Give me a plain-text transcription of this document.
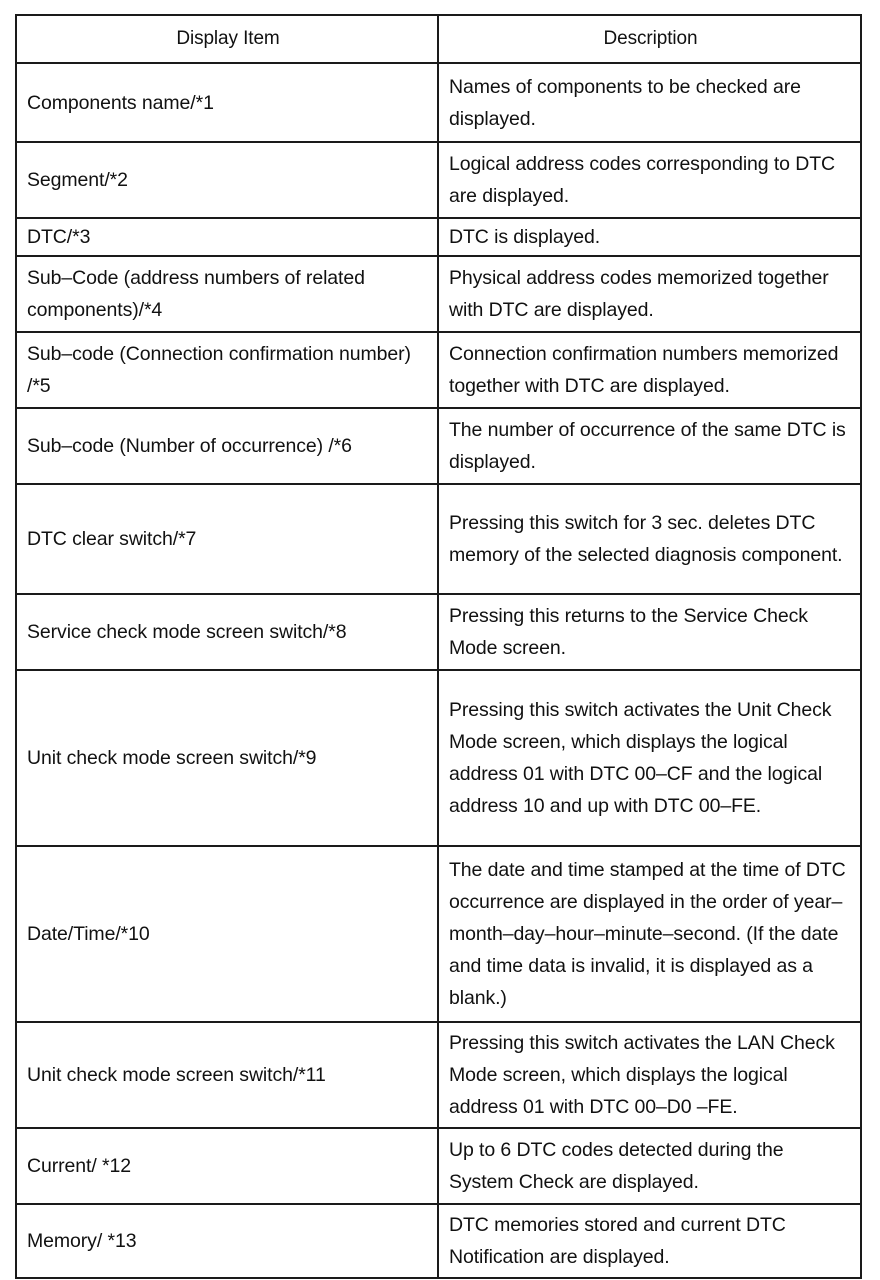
Display Item	Description
Components name/*1	Names of components to be checked are displayed.
Segment/*2	Logical address codes corresponding to DTC are displayed.
DTC/*3	DTC is displayed.
Sub–Code (address numbers of related components)/*4	Physical address codes memorized together with DTC are displayed.
Sub–code (Connection confirmation number) /*5	Connection confirmation numbers memorized together with DTC are displayed.
Sub–code (Number of occurrence) /*6	The number of occurrence of the same DTC is displayed.
DTC clear switch/*7	Pressing this switch for 3 sec. deletes DTC memory of the selected diagnosis component.
Service check mode screen switch/*8	Pressing this returns to the Service Check Mode screen.
Unit check mode screen switch/*9	Pressing this switch activates the Unit Check Mode screen, which displays the logical address 01 with DTC 00–CF and the logical address 10 and up with DTC 00–FE.
Date/Time/*10	The date and time stamped at the time of DTC occurrence are displayed in the order of year–month–day–hour–minute–second. (If the date and time data is invalid, it is displayed as a blank.)
Unit check mode screen switch/*11	Pressing this switch activates the LAN Check Mode screen, which displays the logical address 01 with DTC 00–D0 –FE.
Current/ *12	Up to 6 DTC codes detected during the System Check are displayed.
Memory/ *13	DTC memories stored and current DTC Notification are displayed.
